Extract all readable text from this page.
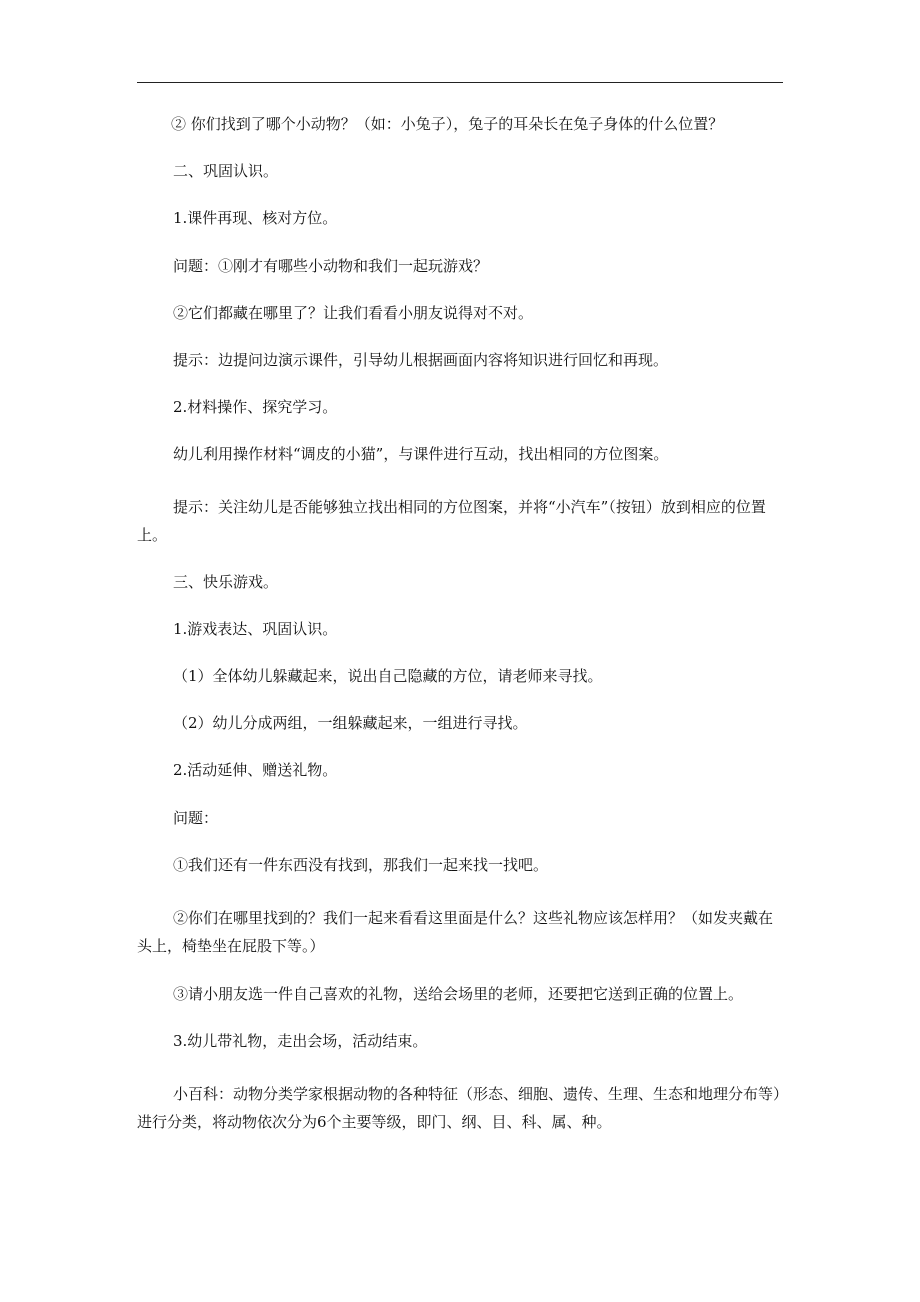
② 你们找到了哪个小动物？（如：小兔子），兔子的耳朵长在兔子身体的什么位置？

二、巩固认识。

1.课件再现、核对方位。

问题：①刚才有哪些小动物和我们一起玩游戏？

②它们都藏在哪里了？让我们看看小朋友说得对不对。

提示：边提问边演示课件，引导幼儿根据画面内容将知识进行回忆和再现。

2.材料操作、探究学习。

幼儿利用操作材料“调皮的小猫”，与课件进行互动，找出相同的方位图案。

提示：关注幼儿是否能够独立找出相同的方位图案，并将“小汽车”（按钮）放到相应的位置上。

三、快乐游戏。

1.游戏表达、巩固认识。

（1）全体幼儿躲藏起来，说出自己隐藏的方位，请老师来寻找。

（2）幼儿分成两组，一组躲藏起来，一组进行寻找。

2.活动延伸、赠送礼物。

问题：

①我们还有一件东西没有找到，那我们一起来找一找吧。

②你们在哪里找到的？我们一起来看看这里面是什么？这些礼物应该怎样用？（如发夹戴在头上，椅垫坐在屁股下等。）

③请小朋友选一件自己喜欢的礼物，送给会场里的老师，还要把它送到正确的位置上。

3.幼儿带礼物，走出会场，活动结束。

小百科：动物分类学家根据动物的各种特征（形态、细胞、遗传、生理、生态和地理分布等）进行分类，将动物依次分为6个主要等级，即门、纲、目、科、属、种。
